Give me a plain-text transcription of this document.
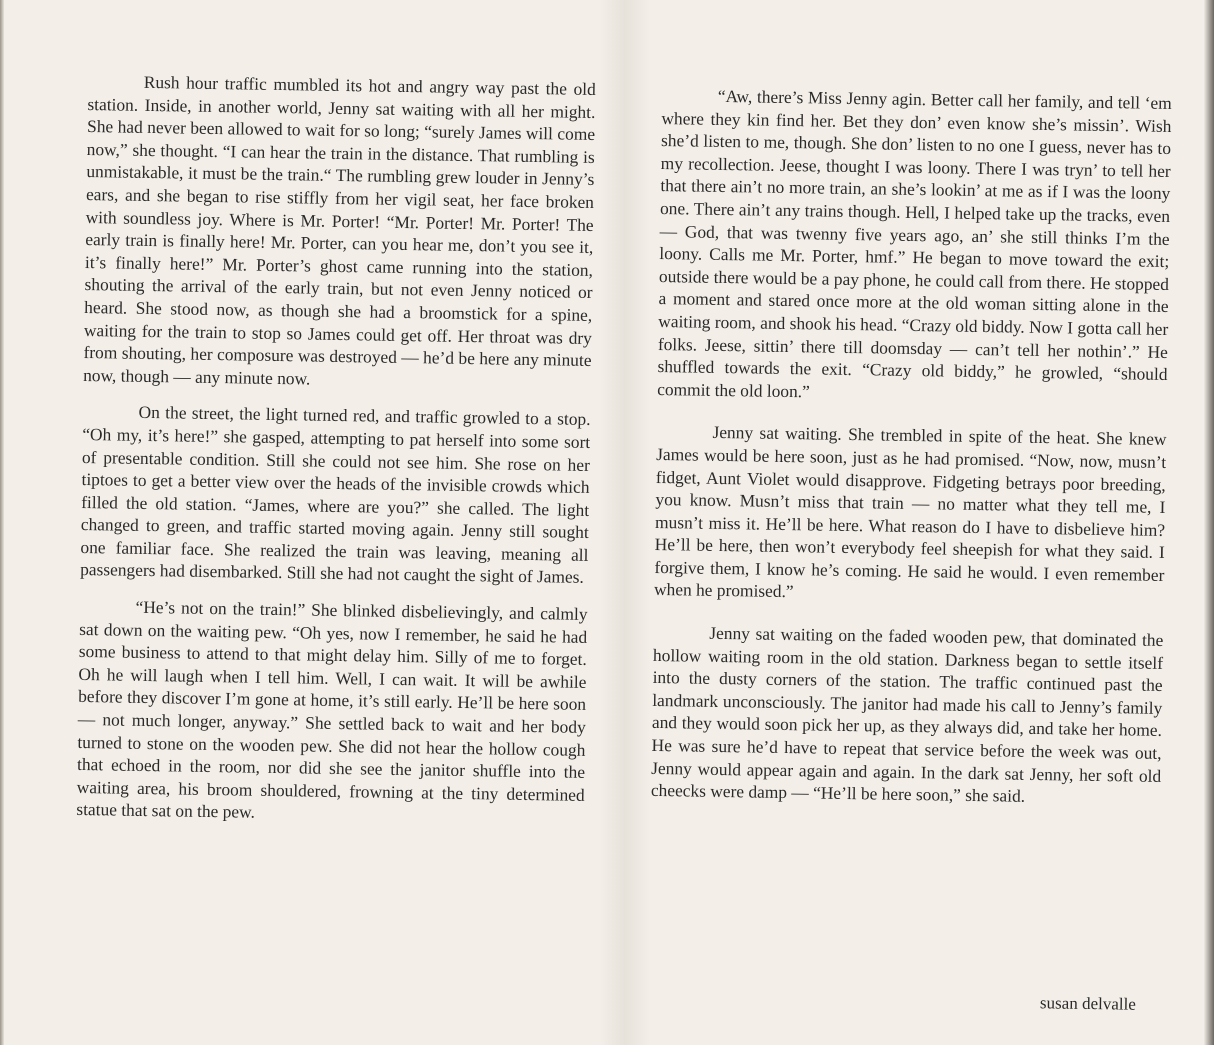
Rush hour traffic mumbled its hot and angry way past the old station. Inside, in another world, Jenny sat waiting with all her might. She had never been allowed to wait for so long; “surely James will come now,” she thought. “I can hear the train in the distance. That rumbling is unmistakable, it must be the train.“ The rumbling grew louder in Jenny’s ears, and she began to rise stiffly from her vigil seat, her face broken with soundless joy. Where is Mr. Porter! “Mr. Porter! Mr. Porter! The early train is finally here! Mr. Porter, can you hear me, don’t you see it, it’s finally here!” Mr. Porter’s ghost came running into the station, shouting the arrival of the early train, but not even Jenny noticed or heard. She stood now, as though she had a broomstick for a spine, waiting for the train to stop so James could get off. Her throat was dry from shouting, her composure was destroyed — he’d be here any minute now, though — any minute now.

On the street, the light turned red, and traffic growled to a stop. “Oh my, it’s here!” she gasped, attempting to pat herself into some sort of presentable condition. Still she could not see him. She rose on her tiptoes to get a better view over the heads of the invisible crowds which filled the old station. “James, where are you?” she called. The light changed to green, and traffic started moving again. Jenny still sought one familiar face. She realized the train was leaving, meaning all passengers had disembarked. Still she had not caught the sight of James.

“He’s not on the train!” She blinked disbelievingly, and calmly sat down on the waiting pew. “Oh yes, now I remember, he said he had some business to attend to that might delay him. Silly of me to forget. Oh he will laugh when I tell him. Well, I can wait. It will be awhile before they discover I’m gone at home, it’s still early. He’ll be here soon — not much longer, anyway.” She settled back to wait and her body turned to stone on the wooden pew. She did not hear the hollow cough that echoed in the room, nor did she see the janitor shuffle into the waiting area, his broom shouldered, frowning at the tiny determined statue that sat on the pew.

“Aw, there’s Miss Jenny agin. Better call her family, and tell ‘em where they kin find her. Bet they don’ even know she’s missin’. Wish she’d listen to me, though. She don’ listen to no one I guess, never has to my recollection. Jeese, thought I was loony. There I was tryn’ to tell her that there ain’t no more train, an she’s lookin’ at me as if I was the loony one. There ain’t any trains though. Hell, I helped take up the tracks, even — God, that was twenny five years ago, an’ she still thinks I’m the loony. Calls me Mr. Porter, hmf.” He began to move toward the exit; outside there would be a pay phone, he could call from there. He stopped a moment and stared once more at the old woman sitting alone in the waiting room, and shook his head. “Crazy old biddy. Now I gotta call her folks. Jeese, sittin’ there till doomsday — can’t tell her nothin’.” He shuffled towards the exit. “Crazy old biddy,” he growled, “should commit the old loon.”

Jenny sat waiting. She trembled in spite of the heat. She knew James would be here soon, just as he had promised. “Now, now, musn’t fidget, Aunt Violet would disapprove. Fidgeting betrays poor breeding, you know. Musn’t miss that train — no matter what they tell me, I musn’t miss it. He’ll be here. What reason do I have to disbelieve him? He’ll be here, then won’t everybody feel sheepish for what they said. I forgive them, I know he’s coming. He said he would. I even remember when he promised.”

Jenny sat waiting on the faded wooden pew, that dominated the hollow waiting room in the old station. Darkness began to settle itself into the dusty corners of the station. The traffic continued past the landmark unconsciously. The janitor had made his call to Jenny’s family and they would soon pick her up, as they always did, and take her home. He was sure he’d have to repeat that service before the week was out, Jenny would appear again and again. In the dark sat Jenny, her soft old cheecks were damp — “He’ll be here soon,” she said.

susan delvalle
